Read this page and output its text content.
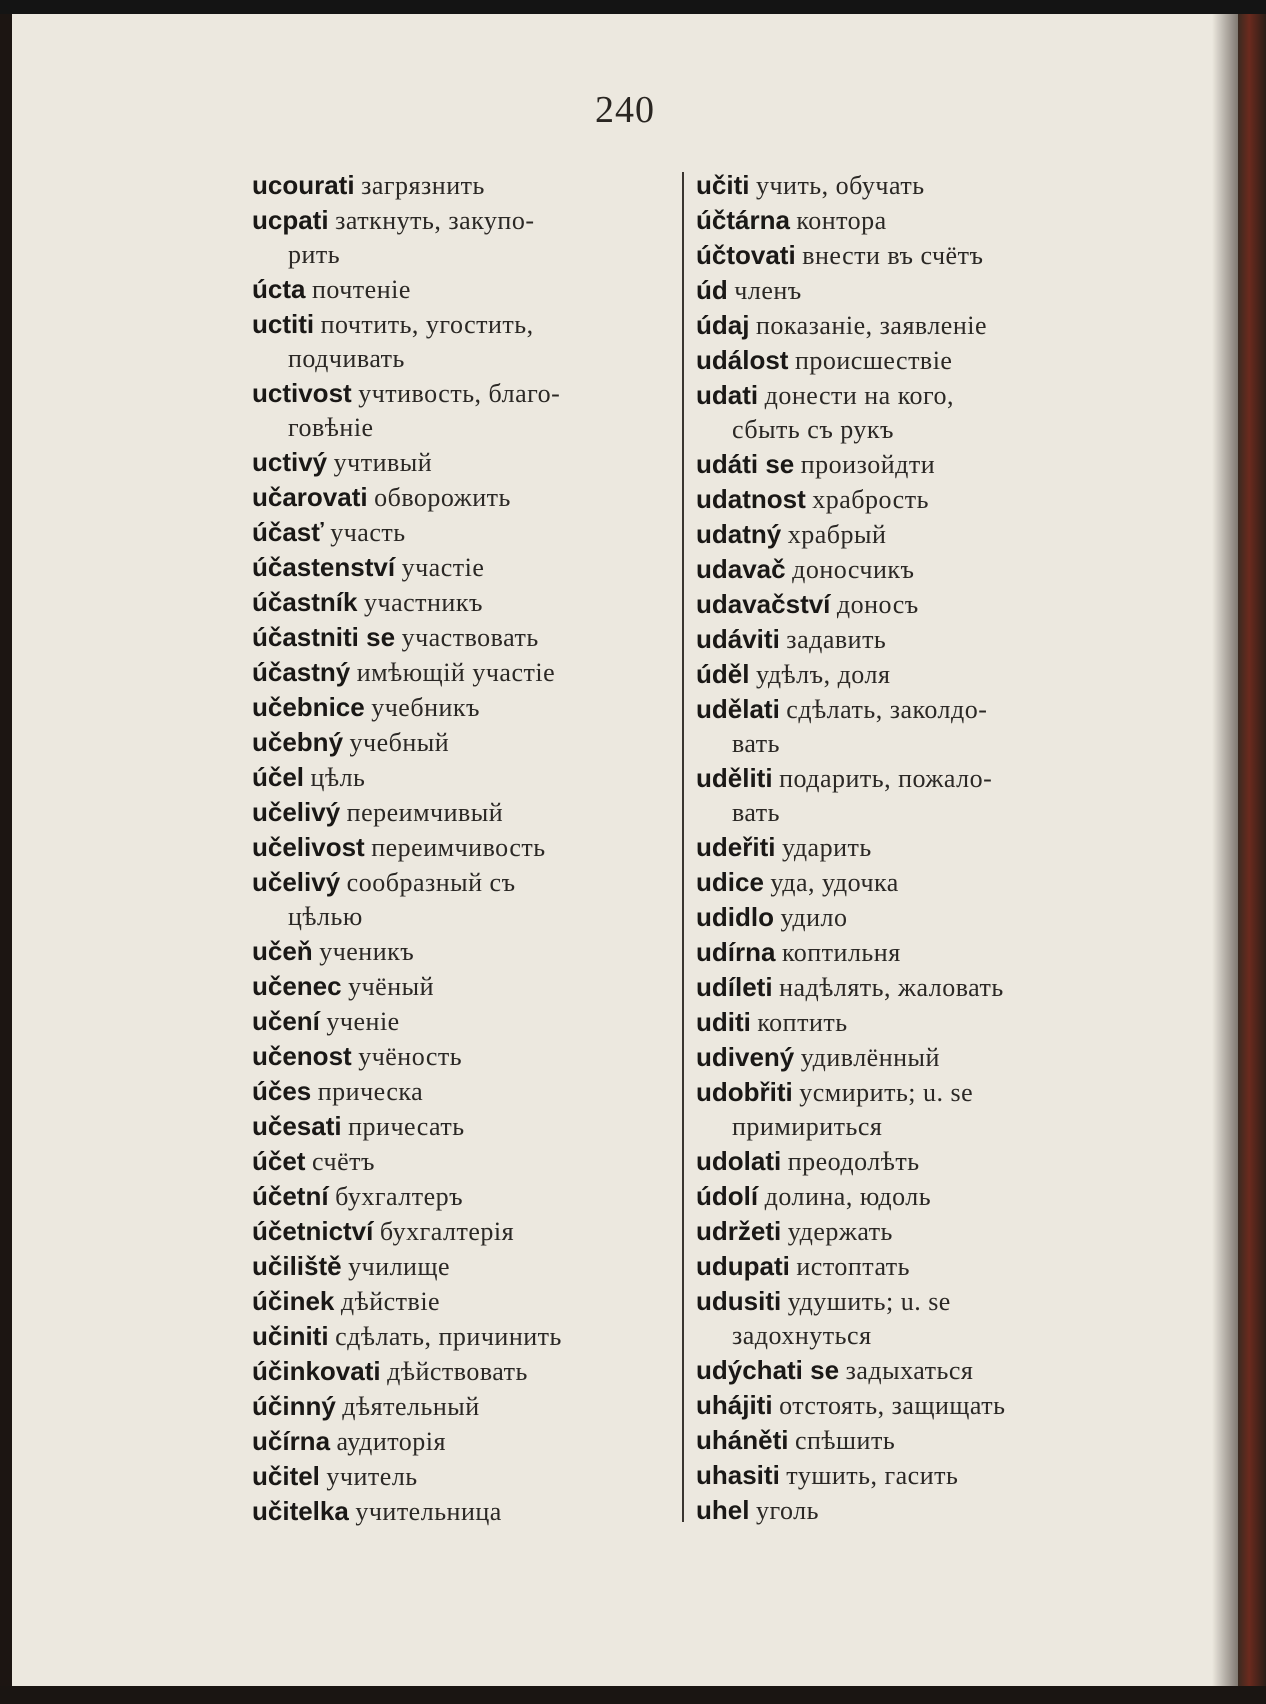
240
ucourati загрязнить
ucpati заткнуть, закупо-
рить
úcta почтеніе
uctiti почтить, угостить,
подчивать
uctivost учтивость, благо-
говѣніе
uctivý учтивый
učarovati обворожить
účasť участь
účastenství участіе
účastník участникъ
účastniti se участвовать
účastný имѣющій участіе
učebnice учебникъ
učebný учебный
účel цѣль
učelivý переимчивый
učelivost переимчивость
učelivý сообразный съ
цѣлью
učeň ученикъ
učenec учёный
učení ученіе
učenost учёность
účes прическа
učesati причесать
účet счётъ
účetní бухгалтеръ
účetnictví бухгалтерія
učiliště училище
účinek дѣйствіе
učiniti сдѣлать, причинить
účinkovati дѣйствовать
účinný дѣятельный
učírna аудиторія
učitel учитель
učitelka учительница
učiti учить, обучать
účtárna контора
účtovati внести въ счётъ
úd членъ
údaj показаніе, заявленіе
událost происшествіе
udati донести на кого,
сбыть съ рукъ
udáti se произойдти
udatnost храбрость
udatný храбрый
udavač доносчикъ
udavačství доносъ
udáviti задавить
úděl удѣлъ, доля
udělati сдѣлать, заколдо-
вать
uděliti подарить, пожало-
вать
udeřiti ударить
udice уда, удочка
udidlo удило
udírna коптильня
udíleti надѣлять, жаловать
uditi коптить
udivený удивлённый
udobřiti усмирить; u. se
примириться
udolati преодолѣть
údolí долина, юдоль
udržeti удержать
udupati истоптать
udusiti удушить; u. se
задохнуться
udýchati se задыхаться
uhájiti отстоять, защищать
uháněti спѣшить
uhasiti тушить, гасить
uhel уголь
